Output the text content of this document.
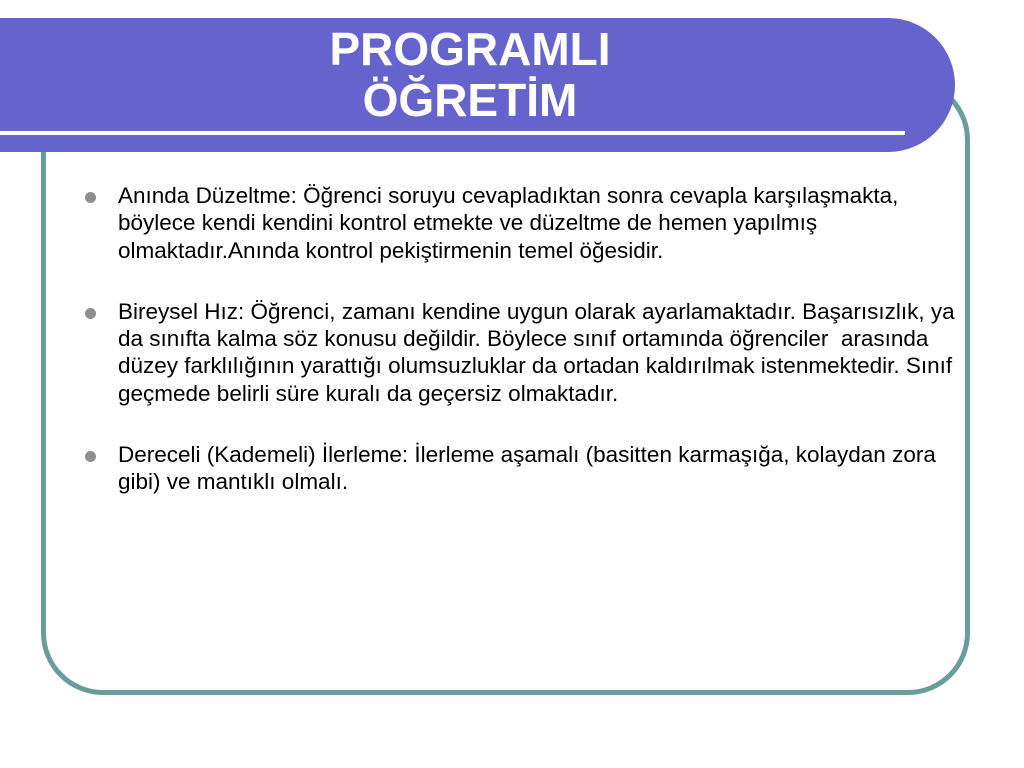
PROGRAMLI
ÖĞRETİM
Anında Düzeltme: Öğrenci soruyu cevapladıktan sonra cevapla karşılaşmakta, böylece kendi kendini kontrol etmekte ve düzeltme de hemen yapılmış olmaktadır.Anında kontrol pekiştirmenin temel öğesidir.
Bireysel Hız: Öğrenci, zamanı kendine uygun olarak ayarlamaktadır. Başarısızlık, ya da sınıfta kalma söz konusu değildir. Böylece sınıf ortamında öğrenciler  arasında düzey farklılığının yarattığı olumsuzluklar da ortadan kaldırılmak istenmektedir. Sınıf geçmede belirli süre kuralı da geçersiz olmaktadır.
Dereceli (Kademeli) İlerleme: İlerleme aşamalı (basitten karmaşığa, kolaydan zora gibi) ve mantıklı olmalı.
